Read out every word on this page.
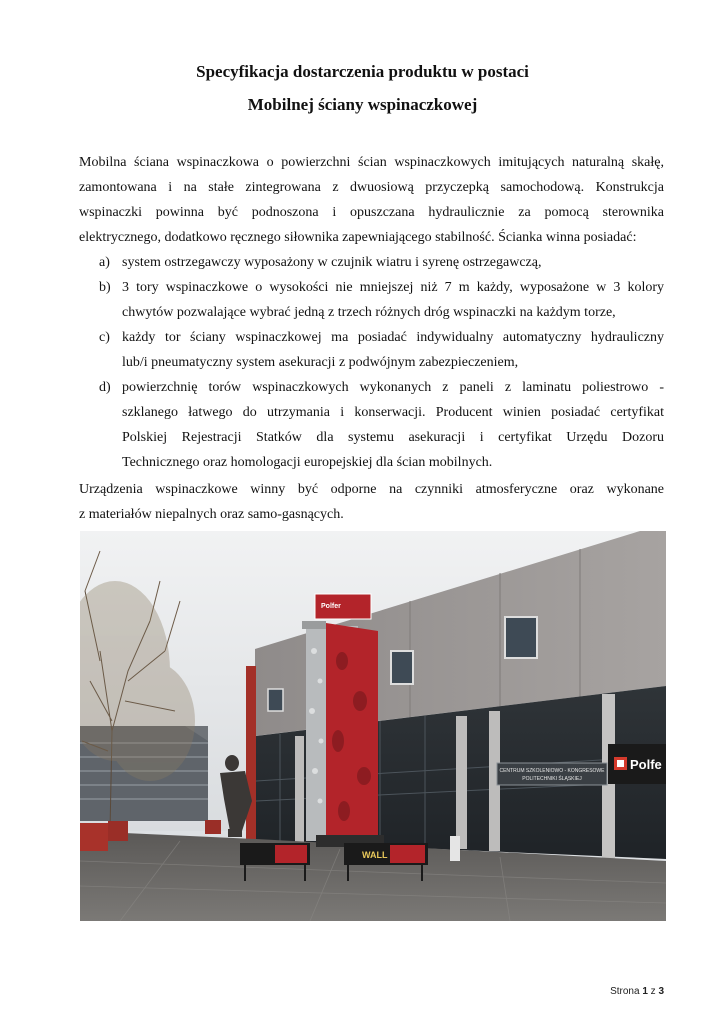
Specyfikacja dostarczenia produktu w postaci
Mobilnej ściany wspinaczkowej

Mobilna ściana wspinaczkowa o powierzchni ścian wspinaczkowych imitujących naturalną skałę,
zamontowana i na stałe zintegrowana z dwuosiową przyczepką samochodową. Konstrukcja
wspinaczki powinna być podnoszona i opuszczana hydraulicznie za pomocą sterownika
elektrycznego, dodatkowo ręcznego siłownika zapewniającego stabilność. Ścianka winna posiadać:

a) system ostrzegawczy wyposażony w czujnik wiatru i syrenę ostrzegawczą,
b) 3 tory wspinaczkowe o wysokości nie mniejszej niż 7 m każdy, wyposażone w 3 kolory
chwytów pozwalające wybrać jedną z trzech różnych dróg wspinaczki na każdym torze,
c) każdy tor ściany wspinaczkowej ma posiadać indywidualny automatyczny hydrauliczny
lub/i pneumatyczny system asekuracji z podwójnym zabezpieczeniem,
d) powierzchnię torów wspinaczkowych wykonanych z paneli z laminatu poliestrowo -
szklanego łatwego do utrzymania i konserwacji. Producent winien posiadać certyfikat
Polskiej Rejestracji Statków dla systemu asekuracji i certyfikat Urzędu Dozoru
Technicznego oraz homologacji europejskiej dla ścian mobilnych.

Urządzenia wspinaczkowe winny być odporne na czynniki atmosferyczne oraz wykonane
z materiałów niepalnych oraz samo-gasnących.

CENTRUM SZKOLENIOWO - KONGRESOWE
POLITECHNIKI ŚLĄSKIEJ
Polfe
Polfer
WALL
Strona 1 z 3
